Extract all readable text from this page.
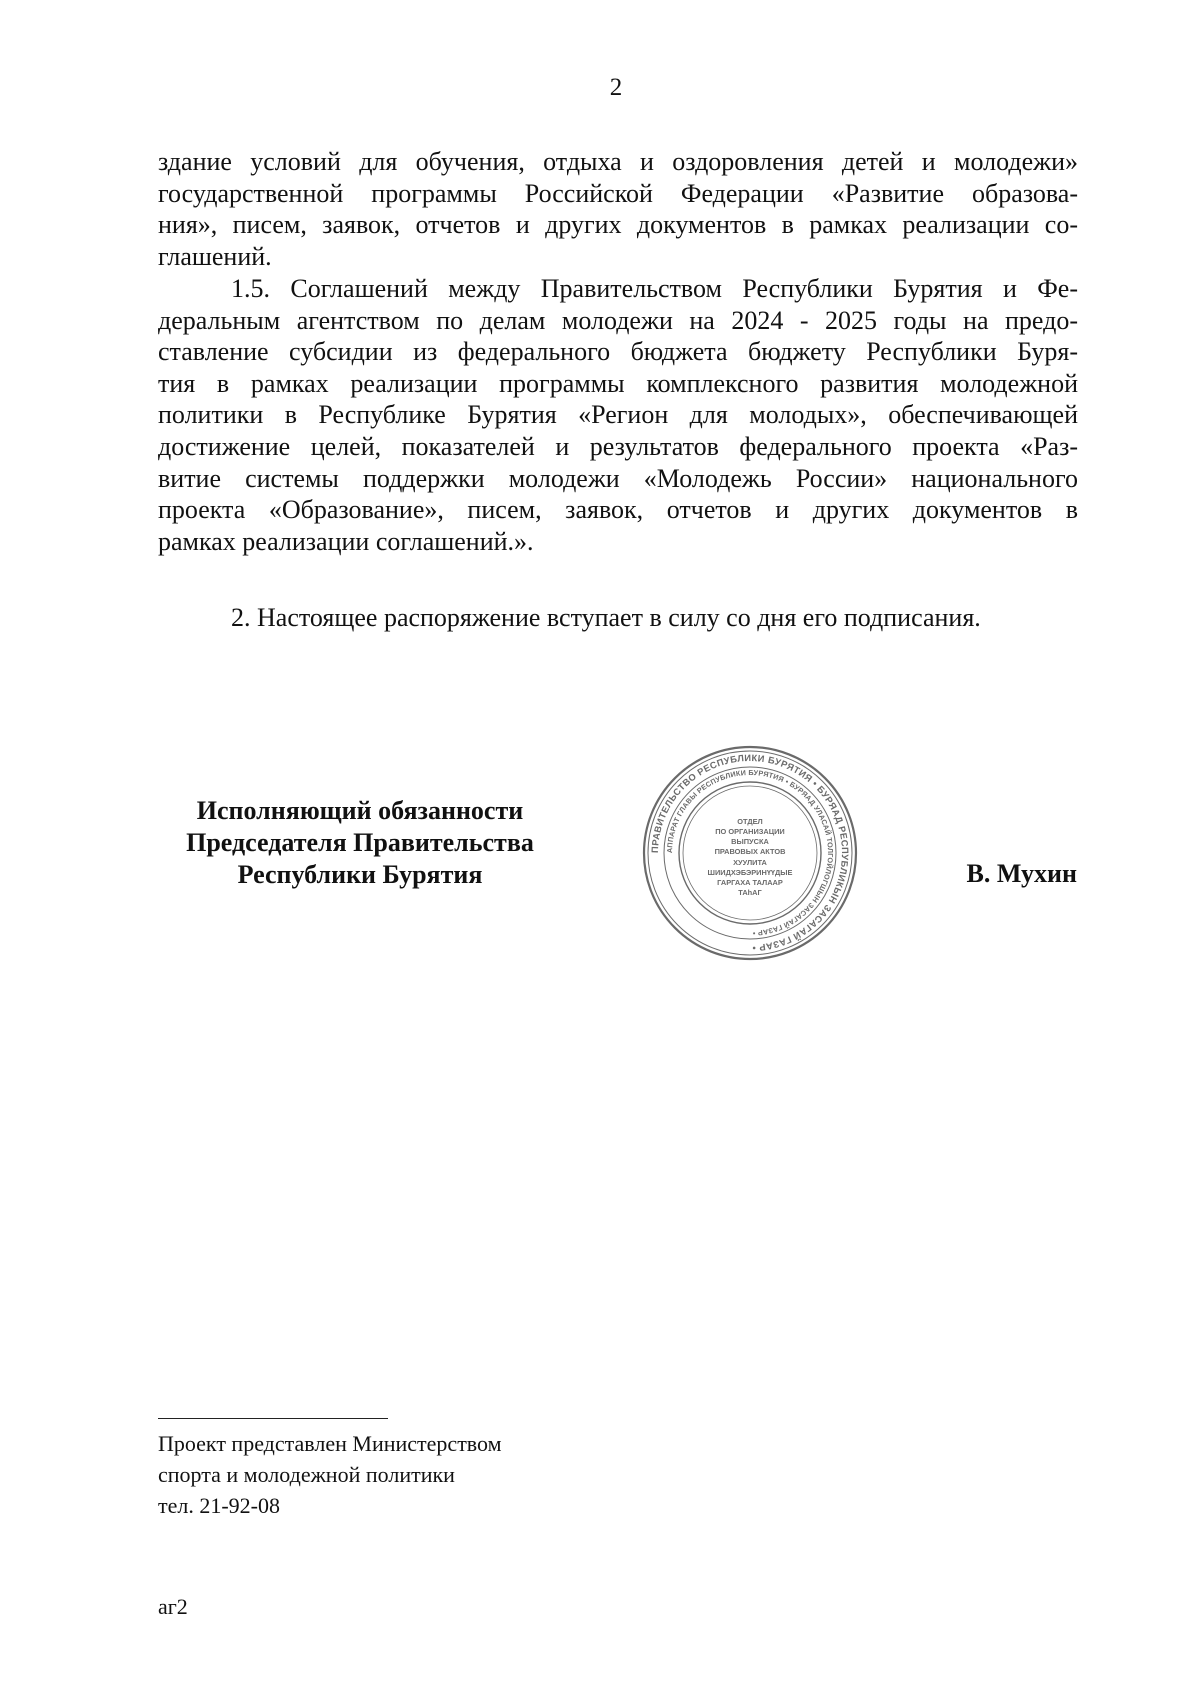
2
здание условий для обучения, отдыха и оздоровления детей и молодежи»
государственной программы Российской Федерации «Развитие образова-
ния», писем, заявок, отчетов и других документов в рамках реализации со-
глашений.
1.5. Соглашений между Правительством Республики Бурятия и Фе-
деральным агентством по делам молодежи на 2024 - 2025 годы на предо-
ставление субсидии из федерального бюджета бюджету Республики Буря-
тия в рамках реализации программы комплексного развития молодежной
политики в Республике Бурятия «Регион для молодых», обеспечивающей
достижение целей, показателей и результатов федерального проекта «Раз-
витие системы поддержки молодежи «Молодежь России» национального
проекта «Образование», писем, заявок, отчетов и других документов в
рамках реализации соглашений.».
2. Настоящее распоряжение вступает в силу со дня его подписания.
Исполняющий обязанности
Председателя Правительства
Республики Бурятия
ПРАВИТЕЛЬСТВО РЕСПУБЛИКИ БУРЯТИЯ • БУРЯАД РЕСПУБЛИКЫН ЗАСАГАЙ ГАЗАР •
АППАРАТ ГЛАВЫ РЕСПУБЛИКИ БУРЯТИЯ • БУРЯАД УЛАСАЙ ТОЛГОЙЛОГШЫН ЗАСАГАЙ ГАЗАР •
ОТДЕЛ
ПО ОРГАНИЗАЦИИ
ВЫПУСКА
ПРАВОВЫХ АКТОВ
ХУУЛИТА
ШИИДХЭБЭРИНҮҮДЫЕ
ГАРГАХА ТАЛААР
ТАhAГ
В. Мухин
Проект представлен Министерством
спорта и молодежной политики
тел. 21-92-08
аг2
